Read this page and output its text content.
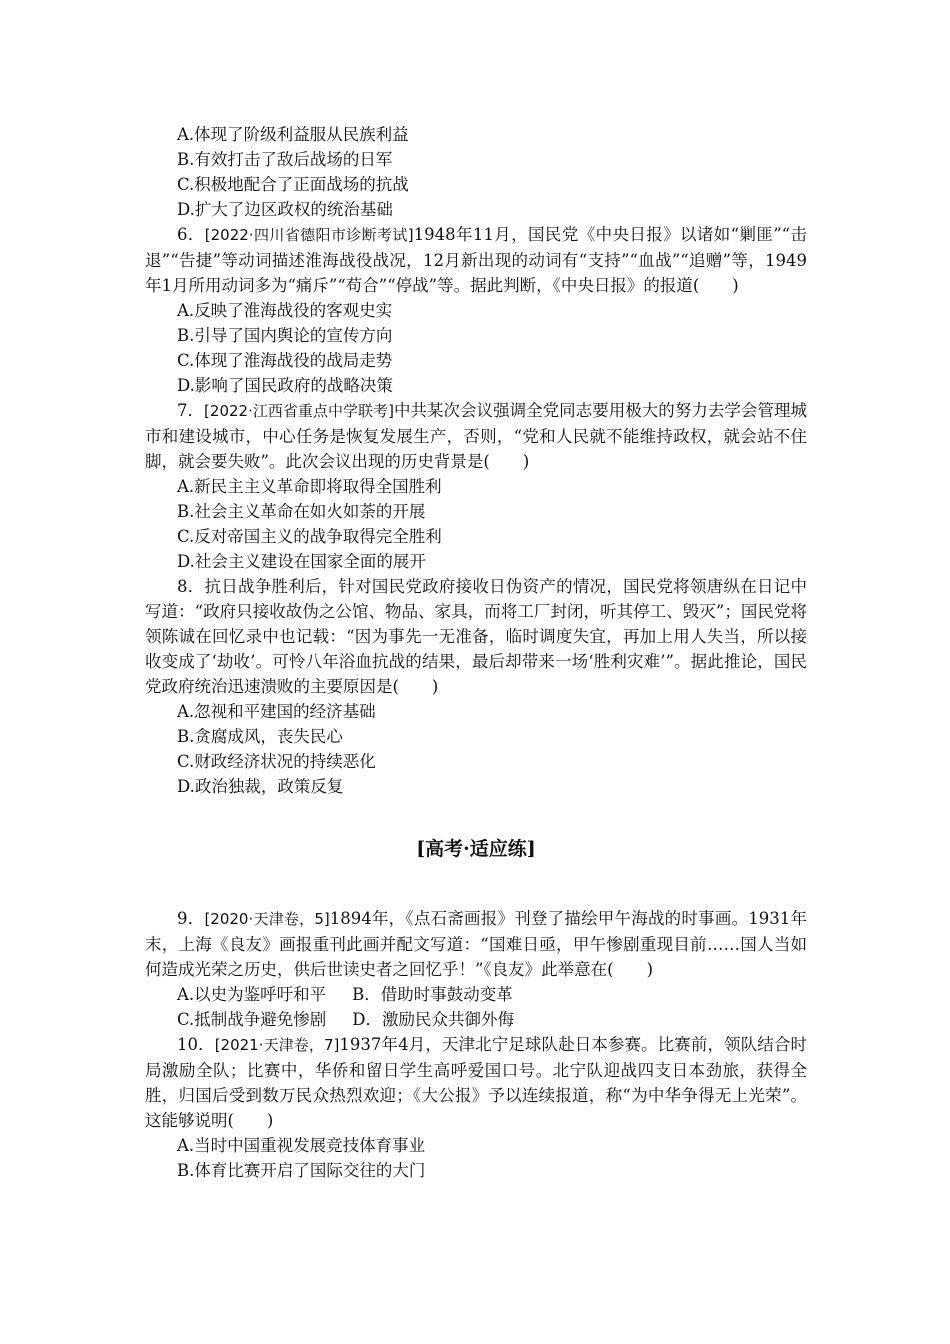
A.体现了阶级利益服从民族利益
B.有效打击了敌后战场的日军
C.积极地配合了正面战场的抗战
D.扩大了边区政权的统治基础
6．[2022·四川省德阳市诊断考试]1948年11月，国民党《中央日报》以诸如“剿匪”“击退”“告捷”等动词描述淮海战役战况，12月新出现的动词有“支持”“血战”“追赠”等，1949年1月所用动词多为“痛斥”“苟合”“停战”等。据此判断，《中央日报》的报道(　　)
A.反映了淮海战役的客观史实
B.引导了国内舆论的宣传方向
C.体现了淮海战役的战局走势
D.影响了国民政府的战略决策
7．[2022·江西省重点中学联考]中共某次会议强调全党同志要用极大的努力去学会管理城市和建设城市，中心任务是恢复发展生产，否则，“党和人民就不能维持政权，就会站不住脚，就会要失败”。此次会议出现的历史背景是(　　)
A.新民主主义革命即将取得全国胜利
B.社会主义革命在如火如荼的开展
C.反对帝国主义的战争取得完全胜利
D.社会主义建设在国家全面的展开
8．抗日战争胜利后，针对国民党政府接收日伪资产的情况，国民党将领唐纵在日记中写道：“政府只接收故伪之公馆、物品、家具，而将工厂封闭，听其停工、毁灭”；国民党将领陈诚在回忆录中也记载：“因为事先一无准备，临时调度失宜，再加上用人失当，所以接收变成了‘劫收’。可怜八年浴血抗战的结果，最后却带来一场‘胜利灾难’”。据此推论，国民党政府统治迅速溃败的主要原因是(　　)
A.忽视和平建国的经济基础
B.贪腐成风，丧失民心
C.财政经济状况的持续恶化
D.政治独裁，政策反复
[高考·适应练]
9．[2020·天津卷，5]1894年，《点石斋画报》刊登了描绘甲午海战的时事画。1931年末，上海《良友》画报重刊此画并配文写道：“国难日亟，甲午惨剧重现目前……国人当如何造成光荣之历史，供后世读史者之回忆乎！”《良友》此举意在(　　)
A.以史为鉴呼吁和平 B．借助时事鼓动变革
C.抵制战争避免惨剧 D．激励民众共御外侮
10．[2021·天津卷，7]1937年4月，天津北宁足球队赴日本参赛。比赛前，领队结合时局激励全队；比赛中，华侨和留日学生高呼爱国口号。北宁队迎战四支日本劲旅，获得全胜，归国后受到数万民众热烈欢迎；《大公报》予以连续报道，称“为中华争得无上光荣”。这能够说明(　　)
A.当时中国重视发展竞技体育事业
B.体育比赛开启了国际交往的大门
